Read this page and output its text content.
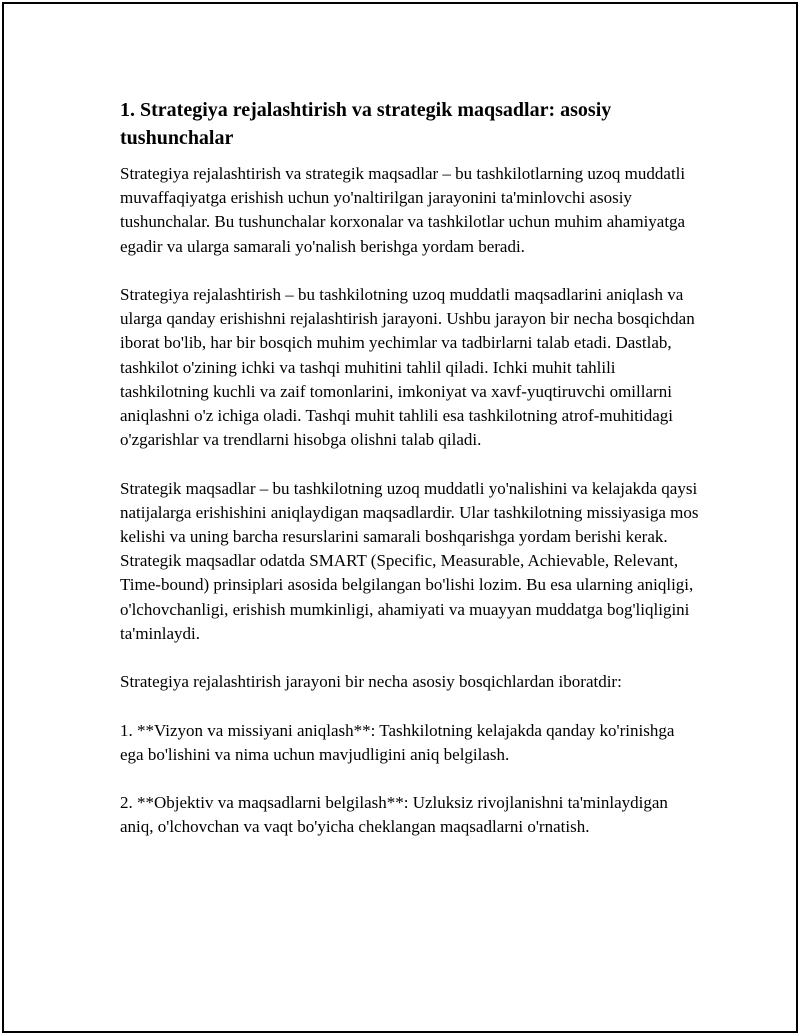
1. Strategiya rejalashtirish va strategik maqsadlar: asosiy tushunchalar

Strategiya rejalashtirish va strategik maqsadlar – bu tashkilotlarning uzoq muddatli muvaffaqiyatga erishish uchun yo'naltirilgan jarayonini ta'minlovchi asosiy tushunchalar. Bu tushunchalar korxonalar va tashkilotlar uchun muhim ahamiyatga egadir va ularga samarali yo'nalish berishga yordam beradi.

Strategiya rejalashtirish – bu tashkilotning uzoq muddatli maqsadlarini aniqlash va ularga qanday erishishni rejalashtirish jarayoni. Ushbu jarayon bir necha bosqichdan iborat bo'lib, har bir bosqich muhim yechimlar va tadbirlarni talab etadi. Dastlab, tashkilot o'zining ichki va tashqi muhitini tahlil qiladi. Ichki muhit tahlili tashkilotning kuchli va zaif tomonlarini, imkoniyat va xavf-yuqtiruvchi omillarni aniqlashni o'z ichiga oladi. Tashqi muhit tahlili esa tashkilotning atrof-muhitidagi o'zgarishlar va trendlarni hisobga olishni talab qiladi.

Strategik maqsadlar – bu tashkilotning uzoq muddatli yo'nalishini va kelajakda qaysi natijalarga erishishini aniqlaydigan maqsadlardir. Ular tashkilotning missiyasiga mos kelishi va uning barcha resurslarini samarali boshqarishga yordam berishi kerak. Strategik maqsadlar odatda SMART (Specific, Measurable, Achievable, Relevant, Time-bound) prinsiplari asosida belgilangan bo'lishi lozim. Bu esa ularning aniqligi, o'lchovchanligi, erishish mumkinligi, ahamiyati va muayyan muddatga bog'liqligini ta'minlaydi.

Strategiya rejalashtirish jarayoni bir necha asosiy bosqichlardan iboratdir:

1. **Vizyon va missiyani aniqlash**: Tashkilotning kelajakda qanday ko'rinishga ega bo'lishini va nima uchun mavjudligini aniq belgilash.

2. **Objektiv va maqsadlarni belgilash**: Uzluksiz rivojlanishni ta'minlaydigan aniq, o'lchovchan va vaqt bo'yicha cheklangan maqsadlarni o'rnatish.
